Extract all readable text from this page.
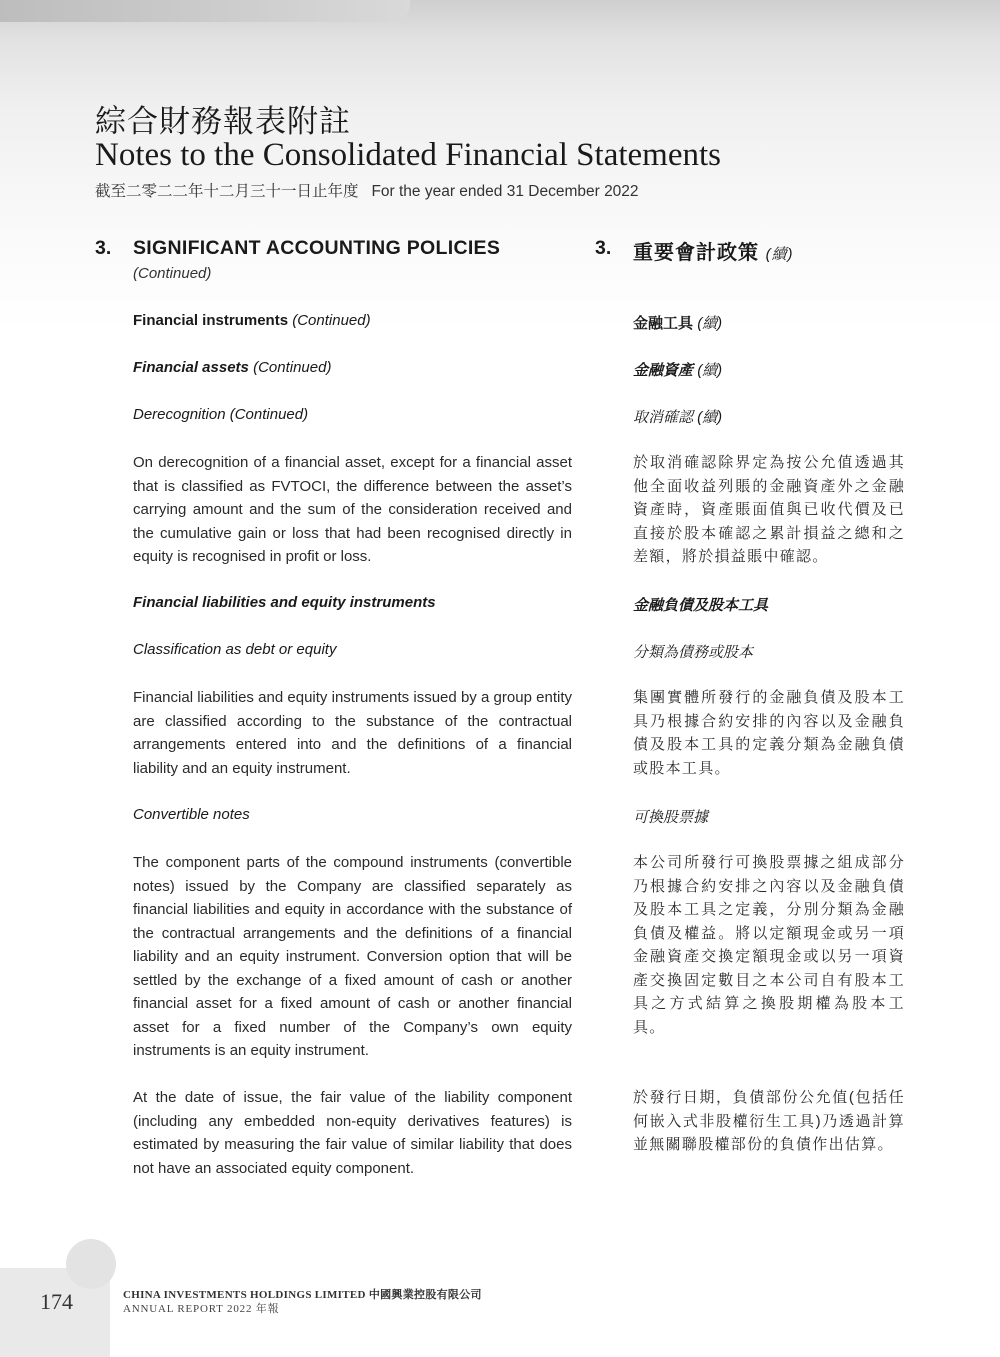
綜合財務報表附註
Notes to the Consolidated Financial Statements
截至二零二二年十二月三十一日止年度 For the year ended 31 December 2022
3. SIGNIFICANT ACCOUNTING POLICIES
(Continued)
3. 重要會計政策 (續)
Financial instruments (Continued)	金融工具 (續)
Financial assets (Continued)	金融資產 (續)
Derecognition (Continued)	取消確認 (續)

On derecognition of a financial asset, except for a financial asset that is classified as FVTOCI, the difference between the asset’s carrying amount and the sum of the consideration received and the cumulative gain or loss that had been recognised directly in equity is recognised in profit or loss.

於取消確認除界定為按公允值透過其他全面收益列賬的金融資產外之金融資產時，資產賬面值與已收代價及已直接於股本確認之累計損益之總和之差額，將於損益賬中確認。

Financial liabilities and equity instruments	金融負債及股本工具
Classification as debt or equity	分類為債務或股本

Financial liabilities and equity instruments issued by a group entity are classified according to the substance of the contractual arrangements entered into and the definitions of a financial liability and an equity instrument.

集團實體所發行的金融負債及股本工具乃根據合約安排的內容以及金融負債及股本工具的定義分類為金融負債或股本工具。

Convertible notes	可換股票據

The component parts of the compound instruments (convertible notes) issued by the Company are classified separately as financial liabilities and equity in accordance with the substance of the contractual arrangements and the definitions of a financial liability and an equity instrument. Conversion option that will be settled by the exchange of a fixed amount of cash or another financial asset for a fixed amount of cash or another financial asset for a fixed number of the Company’s own equity instruments is an equity instrument.

本公司所發行可換股票據之組成部分乃根據合約安排之內容以及金融負債及股本工具之定義，分別分類為金融負債及權益。將以定額現金或另一項金融資產交換定額現金或以另一項資產交換固定數目之本公司自有股本工具之方式結算之換股期權為股本工具。

At the date of issue, the fair value of the liability component (including any embedded non-equity derivatives features) is estimated by measuring the fair value of similar liability that does not have an associated equity component.

於發行日期，負債部份公允值(包括任何嵌入式非股權衍生工具)乃透過計算並無關聯股權部份的負債作出估算。

174	CHINA INVESTMENTS HOLDINGS LIMITED 中國興業控股有限公司
ANNUAL REPORT 2022 年報
